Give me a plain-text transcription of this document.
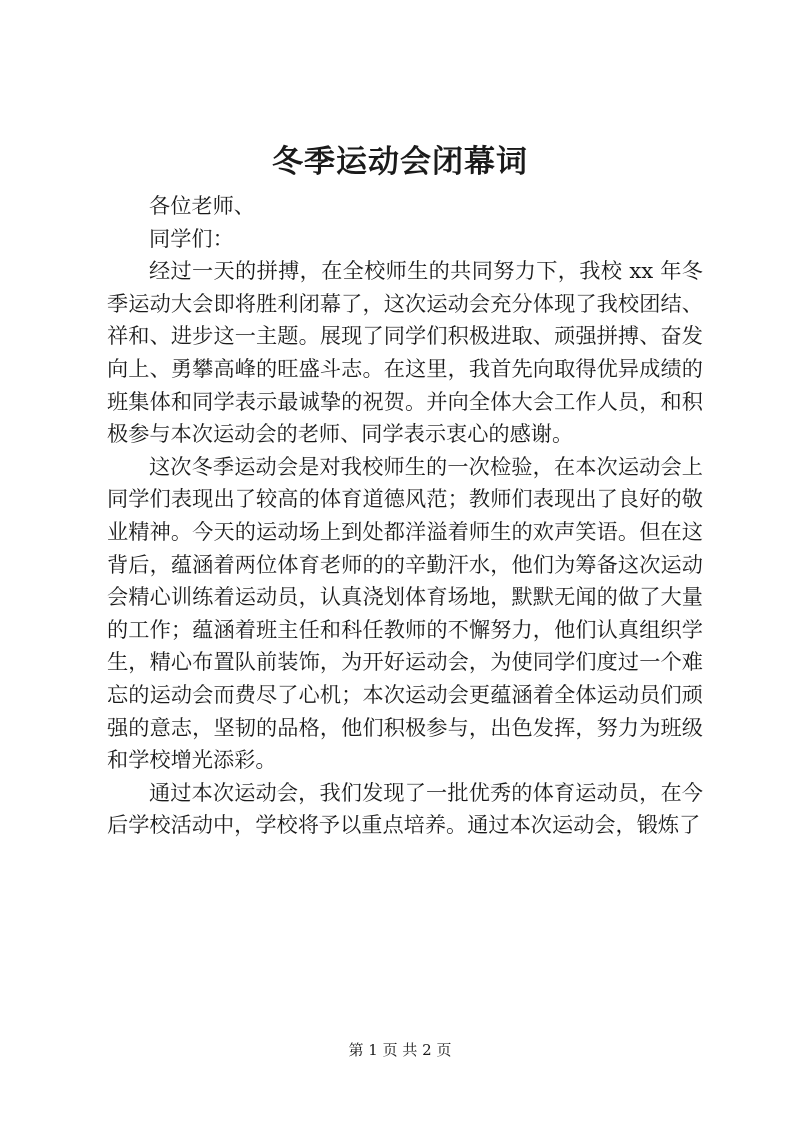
冬季运动会闭幕词

各位老师、

同学们：

经过一天的拼搏，在全校师生的共同努力下，我校 xx 年冬季运动大会即将胜利闭幕了，这次运动会充分体现了我校团结、祥和、进步这一主题。展现了同学们积极进取、顽强拼搏、奋发向上、勇攀高峰的旺盛斗志。在这里，我首先向取得优异成绩的班集体和同学表示最诚挚的祝贺。并向全体大会工作人员，和积极参与本次运动会的老师、同学表示衷心的感谢。

这次冬季运动会是对我校师生的一次检验，在本次运动会上同学们表现出了较高的体育道德风范；教师们表现出了良好的敬业精神。今天的运动场上到处都洋溢着师生的欢声笑语。但在这背后，蕴涵着两位体育老师的的辛勤汗水，他们为筹备这次运动会精心训练着运动员，认真浇划体育场地，默默无闻的做了大量的工作；蕴涵着班主任和科任教师的不懈努力，他们认真组织学生，精心布置队前装饰，为开好运动会，为使同学们度过一个难忘的运动会而费尽了心机；本次运动会更蕴涵着全体运动员们顽强的意志，坚韧的品格，他们积极参与，出色发挥，努力为班级和学校增光添彩。

通过本次运动会，我们发现了一批优秀的体育运动员，在今后学校活动中，学校将予以重点培养。通过本次运动会，锻炼了

第 1 页 共 2 页
